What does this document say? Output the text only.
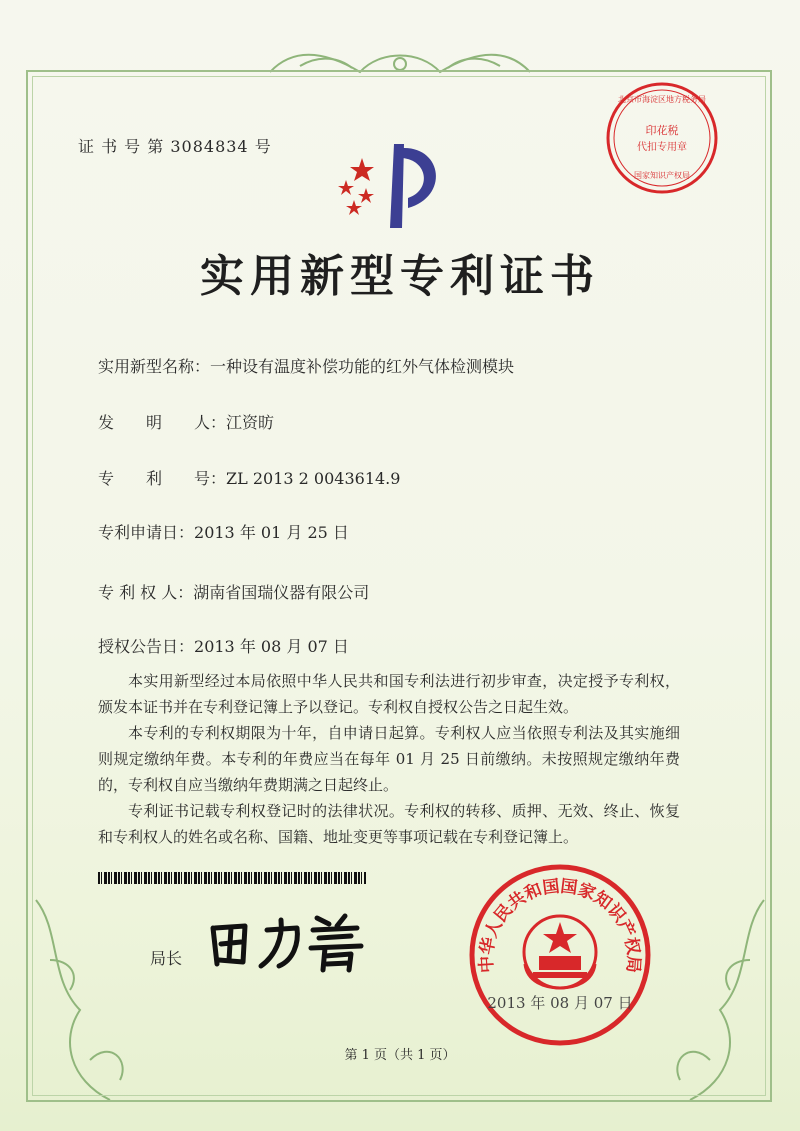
证 书 号 第 3084834 号
实用新型专利证书
实用新型名称：一种设有温度补偿功能的红外气体检测模块
发　　明　　人：江资昉
专　　利　　号：ZL 2013 2 0043614.9
专利申请日：2013 年 01 月 25 日
专 利 权 人：湖南省国瑞仪器有限公司
授权公告日：2013 年 08 月 07 日

本实用新型经过本局依照中华人民共和国专利法进行初步审查，决定授予专利权，颁发本证书并在专利登记簿上予以登记。专利权自授权公告之日起生效。

本专利的专利权期限为十年，自申请日起算。专利权人应当依照专利法及其实施细则规定缴纳年费。本专利的年费应当在每年 01 月 25 日前缴纳。未按照规定缴纳年费的，专利权自应当缴纳年费期满之日起终止。

专利证书记载专利权登记时的法律状况。专利权的转移、质押、无效、终止、恢复和专利权人的姓名或名称、国籍、地址变更等事项记载在专利登记簿上。

局长
北京市海淀区地方税务局
印花税
代扣专用章
国家知识产权局
中华人民共和国国家知识产权局
2013 年 08 月 07 日
第 1 页（共 1 页）
